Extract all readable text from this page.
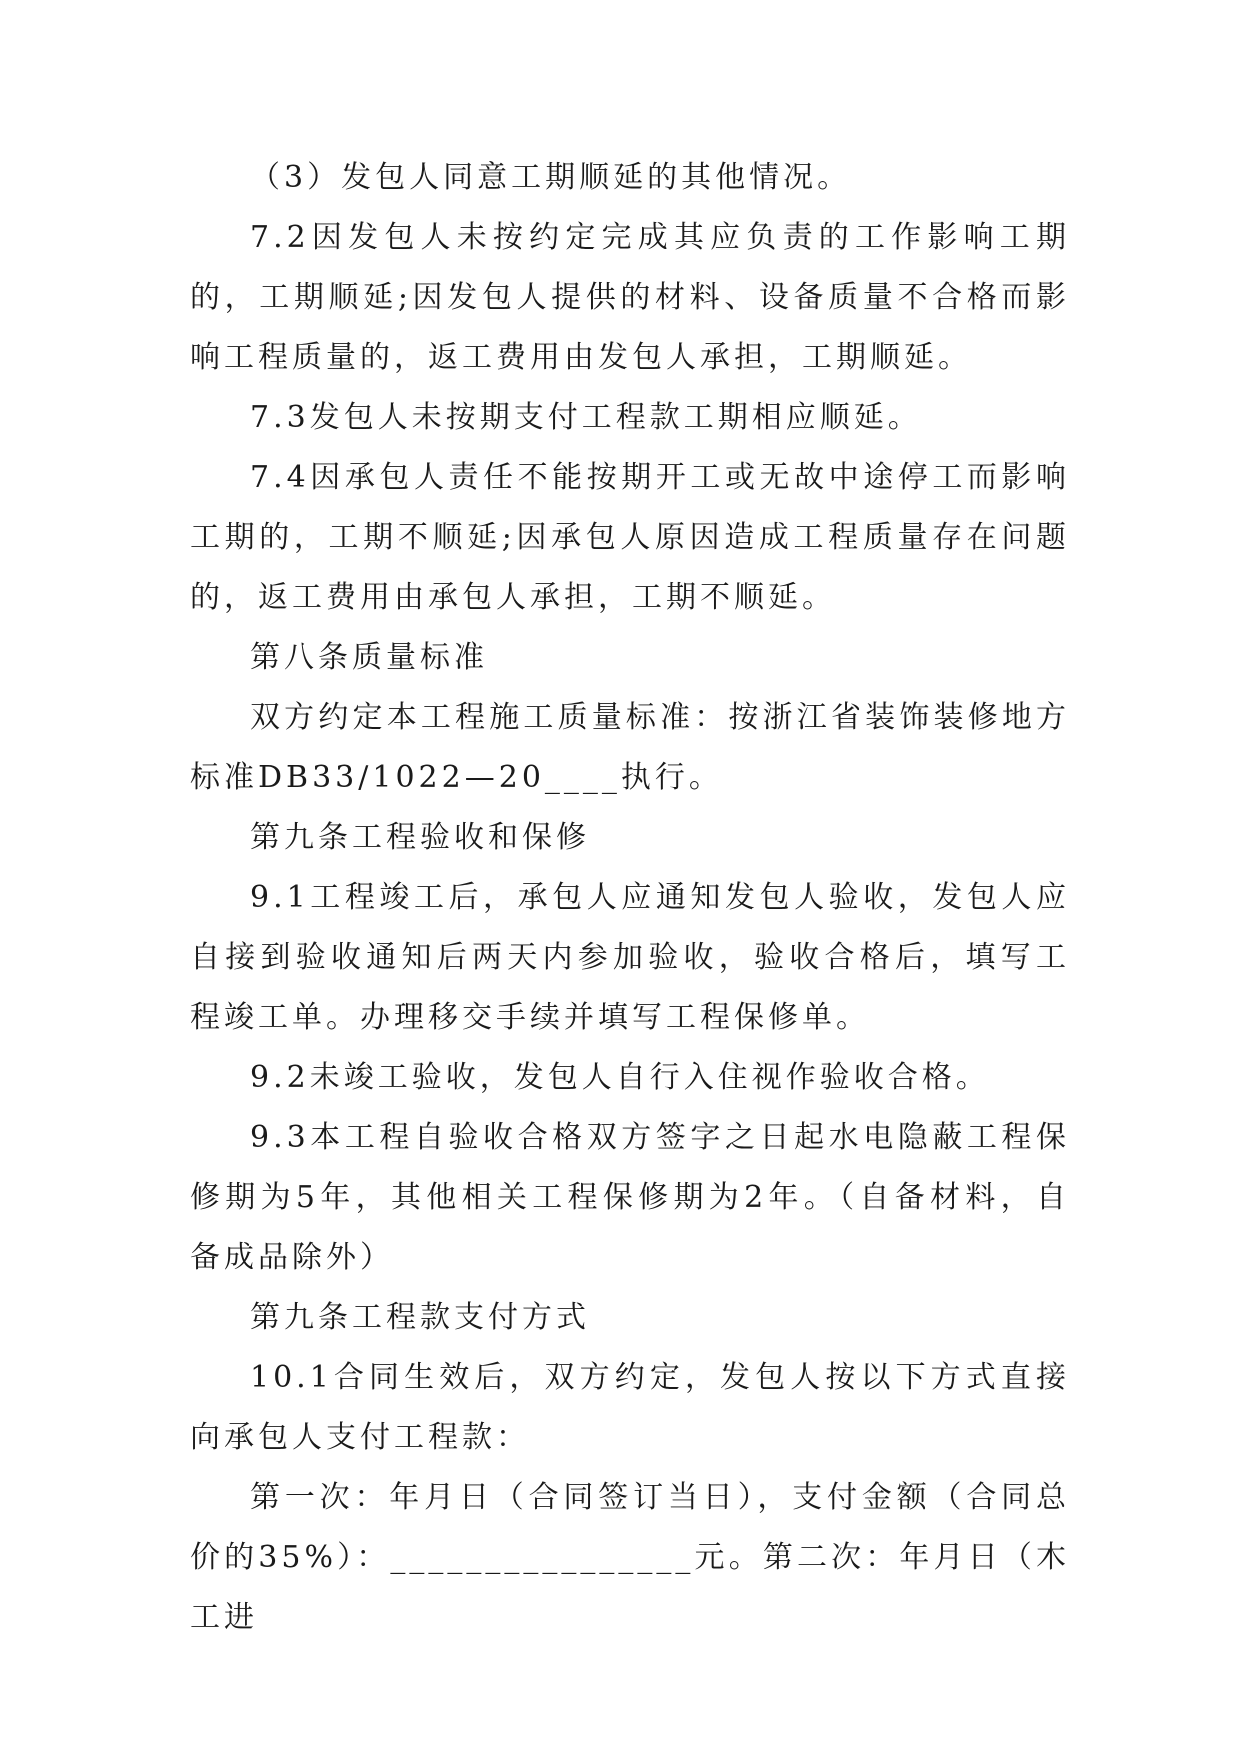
（3）发包人同意工期顺延的其他情况。

7.2因发包人未按约定完成其应负责的工作影响工期的，工期顺延;因发包人提供的材料、设备质量不合格而影响工程质量的，返工费用由发包人承担，工期顺延。

7.3发包人未按期支付工程款工期相应顺延。

7.4因承包人责任不能按期开工或无故中途停工而影响工期的，工期不顺延;因承包人原因造成工程质量存在问题的，返工费用由承包人承担，工期不顺延。

第八条质量标准

双方约定本工程施工质量标准：按浙江省装饰装修地方标准DB33/1022—20____执行。

第九条工程验收和保修

9.1工程竣工后，承包人应通知发包人验收，发包人应自接到验收通知后两天内参加验收，验收合格后，填写工程竣工单。办理移交手续并填写工程保修单。

9.2未竣工验收，发包人自行入住视作验收合格。

9.3本工程自验收合格双方签字之日起水电隐蔽工程保修期为5年，其他相关工程保修期为2年。（自备材料，自备成品除外）

第九条工程款支付方式

10.1合同生效后，双方约定，发包人按以下方式直接向承包人支付工程款：

第一次：年月日（合同签订当日），支付金额（合同总价的35%）：________________元。第二次：年月日（木工进
